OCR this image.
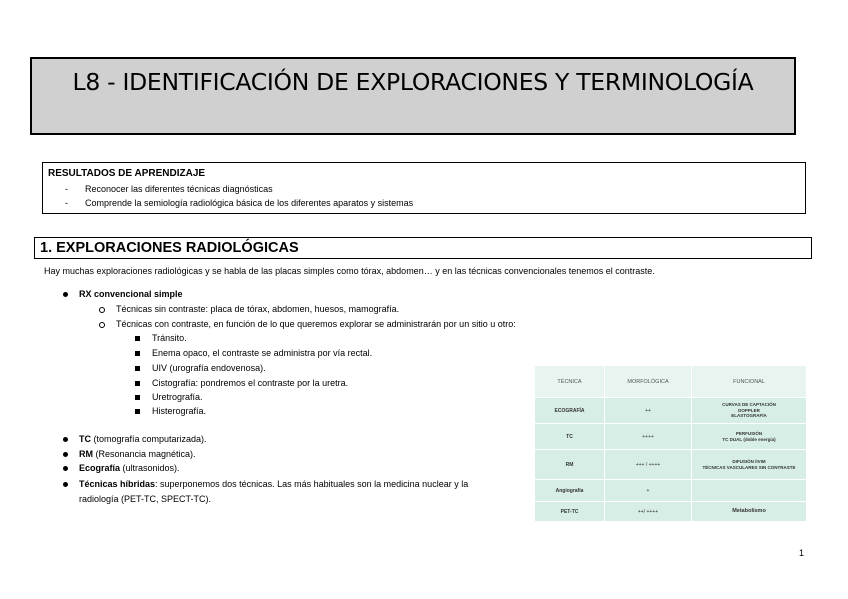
L8 - IDENTIFICACIÓN DE EXPLORACIONES Y TERMINOLOGÍA
RESULTADOS DE APRENDIZAJE
- Reconocer las diferentes técnicas diagnósticas
- Comprende la semiología radiológica básica de los diferentes aparatos y sistemas
1. EXPLORACIONES RADIOLÓGICAS
Hay muchas exploraciones radiológicas y se habla de las placas simples como tórax, abdomen… y en las técnicas convencionales tenemos el contraste.
RX convencional simple
Técnicas sin contraste: placa de tórax, abdomen, huesos, mamografía.
Técnicas con contraste, en función de lo que queremos explorar se administrarán por un sitio u otro:
Tránsito.
Enema opaco, el contraste se administra por vía rectal.
UIV (urografía endovenosa).
Cistografía: pondremos el contraste por la uretra.
Uretrografía.
Histerografía.
TC (tomografía computarizada).
RM (Resonancia magnética).
Ecografía (ultrasonidos).
Técnicas híbridas: superponemos dos técnicas. Las más habituales son la medicina nuclear y la
radiología (PET-TC, SPECT-TC).
TÉCNICA	MORFOLÓGICA	FUNCIONAL
ECOGRAFÍA	++	CURVAS DE CAPTACIÓN
DOPPLER
ELASTOGRAFÍA

TC	++++	PERFUSIÓN
TC DUAL (doble energía)

RM	+++ / ++++	DIFUSIÓN /IVIM
TÉCNICAS VASCULARES SIN CONTRASTE

Angiografía	+	
PET-TC	++/ ++++	Metabolismo
1
